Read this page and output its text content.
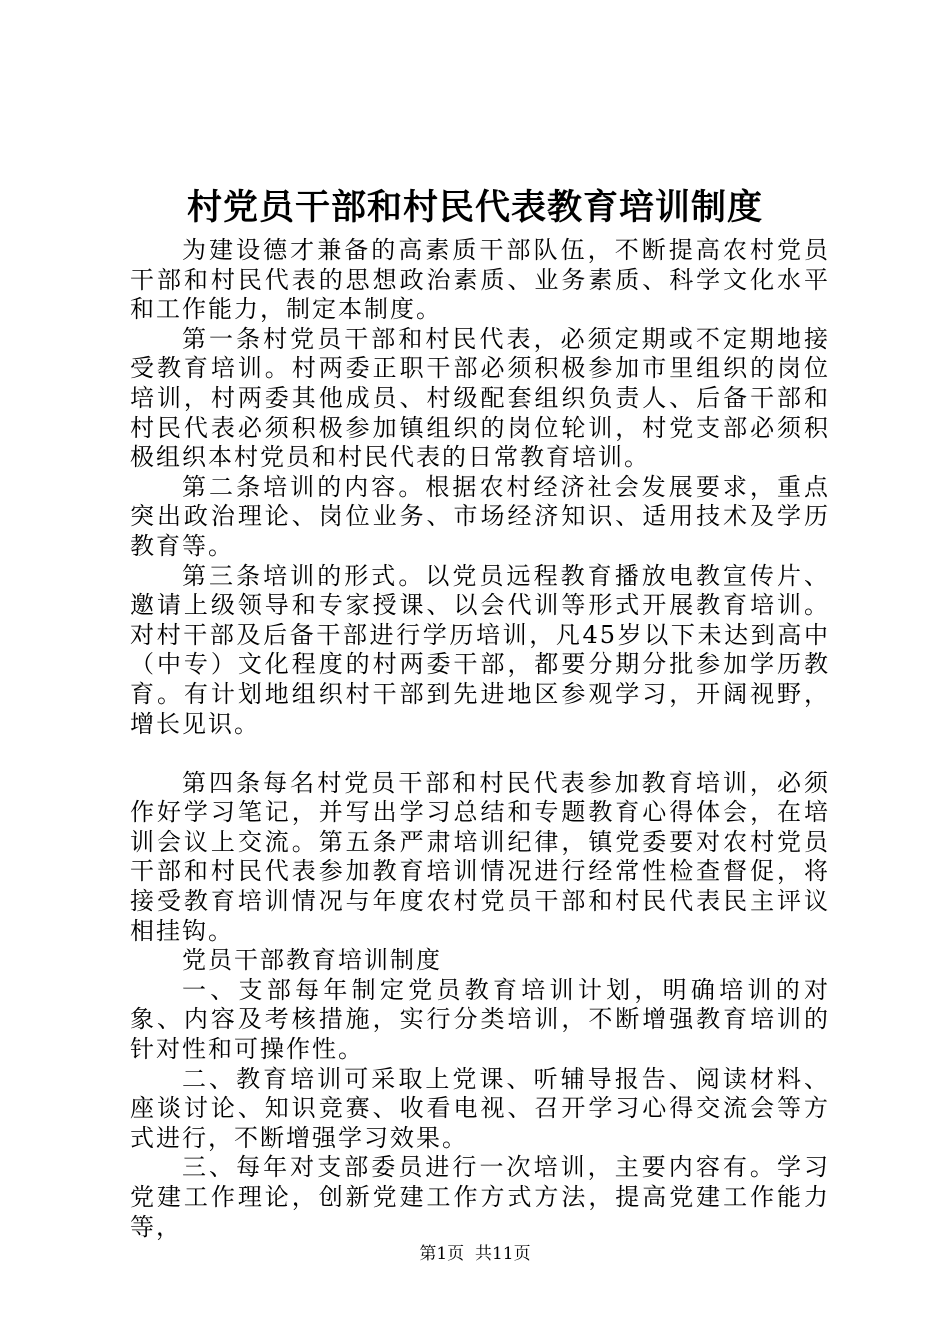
村党员干部和村民代表教育培训制度

为建设德才兼备的高素质干部队伍，不断提高农村党员干部和村民代表的思想政治素质、业务素质、科学文化水平和工作能力，制定本制度。

第一条村党员干部和村民代表，必须定期或不定期地接受教育培训。村两委正职干部必须积极参加市里组织的岗位培训，村两委其他成员、村级配套组织负责人、后备干部和村民代表必须积极参加镇组织的岗位轮训，村党支部必须积极组织本村党员和村民代表的日常教育培训。

第二条培训的内容。根据农村经济社会发展要求，重点突出政治理论、岗位业务、市场经济知识、适用技术及学历教育等。

第三条培训的形式。以党员远程教育播放电教宣传片、邀请上级领导和专家授课、以会代训等形式开展教育培训。对村干部及后备干部进行学历培训，凡45岁以下未达到高中（中专）文化程度的村两委干部，都要分期分批参加学历教育。有计划地组织村干部到先进地区参观学习，开阔视野，增长见识。

第四条每名村党员干部和村民代表参加教育培训，必须作好学习笔记，并写出学习总结和专题教育心得体会，在培训会议上交流。第五条严肃培训纪律，镇党委要对农村党员干部和村民代表参加教育培训情况进行经常性检查督促，将接受教育培训情况与年度农村党员干部和村民代表民主评议相挂钩。

党员干部教育培训制度

一、支部每年制定党员教育培训计划，明确培训的对象、内容及考核措施，实行分类培训，不断增强教育培训的针对性和可操作性。

二、教育培训可采取上党课、听辅导报告、阅读材料、座谈讨论、知识竞赛、收看电视、召开学习心得交流会等方式进行，不断增强学习效果。

三、每年对支部委员进行一次培训，主要内容有。学习党建工作理论，创新党建工作方式方法，提高党建工作能力等，

第1页  共11页
